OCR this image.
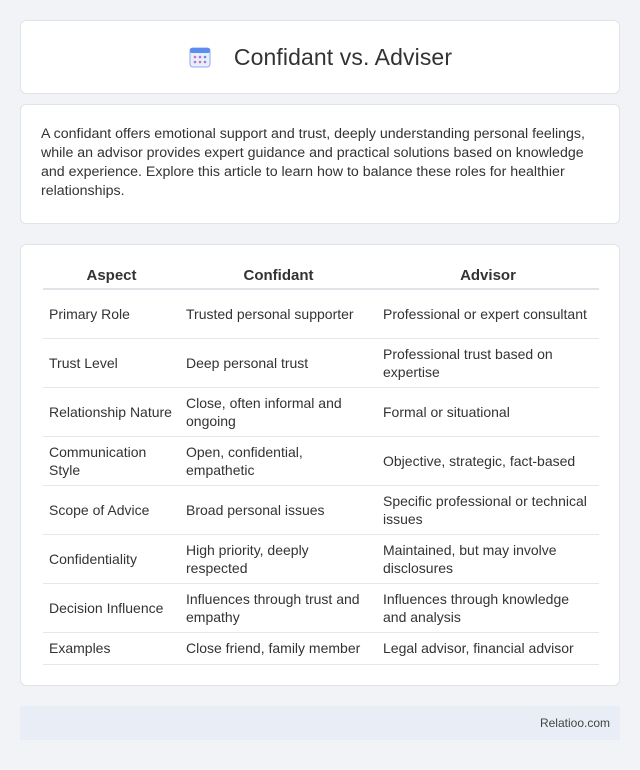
Confidant vs. Adviser

A confidant offers emotional support and trust, deeply understanding personal feelings, while an advisor provides expert guidance and practical solutions based on knowledge and experience. Explore this article to learn how to balance these roles for healthier relationships.

Aspect	Confidant	Advisor
Primary Role	Trusted personal supporter	Professional or expert consultant
Trust Level	Deep personal trust	Professional trust based on expertise
Relationship Nature	Close, often informal and ongoing	Formal or situational
Communication Style	Open, confidential, empathetic	Objective, strategic, fact-based
Scope of Advice	Broad personal issues	Specific professional or technical issues
Confidentiality	High priority, deeply respected	Maintained, but may involve disclosures
Decision Influence	Influences through trust and empathy	Influences through knowledge and analysis
Examples	Close friend, family member	Legal advisor, financial advisor
Relatioo.com
